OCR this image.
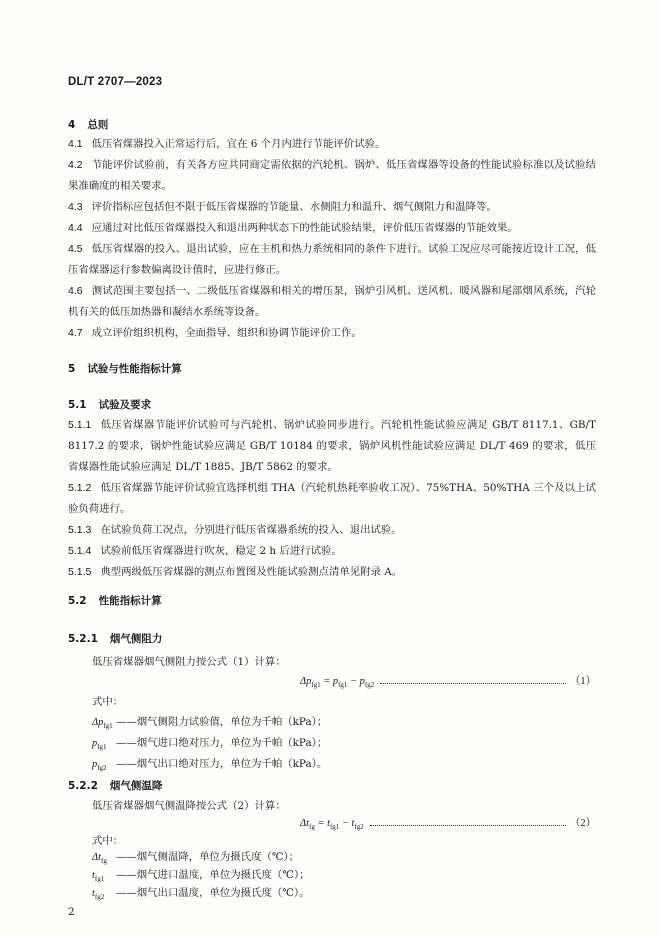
DL/T 2707—2023
4 总则
4.1 低压省煤器投入正常运行后，宜在 6 个月内进行节能评价试验。
4.2 节能评价试验前，有关各方应共同商定需依据的汽轮机、锅炉、低压省煤器等设备的性能试验标准以及试验结果准确度的相关要求。
4.3 评价指标应包括但不限于低压省煤器的节能量、水侧阻力和温升、烟气侧阻力和温降等。
4.4 应通过对比低压省煤器投入和退出两种状态下的性能试验结果，评价低压省煤器的节能效果。
4.5 低压省煤器的投入、退出试验，应在主机和热力系统相同的条件下进行。试验工况应尽可能接近设计工况，低压省煤器运行参数偏离设计值时，应进行修正。
4.6 测试范围主要包括一、二级低压省煤器和相关的增压泵，锅炉引风机、送风机、暖风器和尾部烟风系统，汽轮机有关的低压加热器和凝结水系统等设备。
4.7 成立评价组织机构，全面指导、组织和协调节能评价工作。
5 试验与性能指标计算
5.1 试验及要求
5.1.1 低压省煤器节能评价试验可与汽轮机、锅炉试验同步进行。汽轮机性能试验应满足 GB/T 8117.1、GB/T 8117.2 的要求，锅炉性能试验应满足 GB/T 10184 的要求，锅炉风机性能试验应满足 DL/T 469 的要求，低压省煤器性能试验应满足 DL/T 1885、JB/T 5862 的要求。
5.1.2 低压省煤器节能评价试验宜选择机组 THA（汽轮机热耗率验收工况）、75%THA、50%THA 三个及以上试验负荷进行。
5.1.3 在试验负荷工况点，分别进行低压省煤器系统的投入、退出试验。
5.1.4 试验前低压省煤器进行吹灰，稳定 2 h 后进行试验。
5.1.5 典型两级低压省煤器的测点布置图及性能试验测点清单见附录 A。
5.2 性能指标计算
5.2.1 烟气侧阻力
低压省煤器烟气侧阻力按公式（1）计算：
$\Delta p_{fg1} = p_{fg1} - p_{fg2}$	（1）
式中：
$\Delta p_{fg1}$ ——烟气侧阻力试验值，单位为千帕（kPa）；
$p_{fg1}$ ——烟气进口绝对压力，单位为千帕（kPa）；
$p_{fg2}$ ——烟气出口绝对压力，单位为千帕（kPa）。
5.2.2 烟气侧温降
低压省煤器烟气侧温降按公式（2）计算：
$\Delta t_{fg} = t_{fg1} - t_{fg2}$	（2）
式中：
$\Delta t_{fg}$ ——烟气侧温降，单位为摄氏度（℃）；
$t_{fg1}$ ——烟气进口温度，单位为摄氏度（℃）；
$t_{fg2}$ ——烟气出口温度，单位为摄氏度（℃）。
2
